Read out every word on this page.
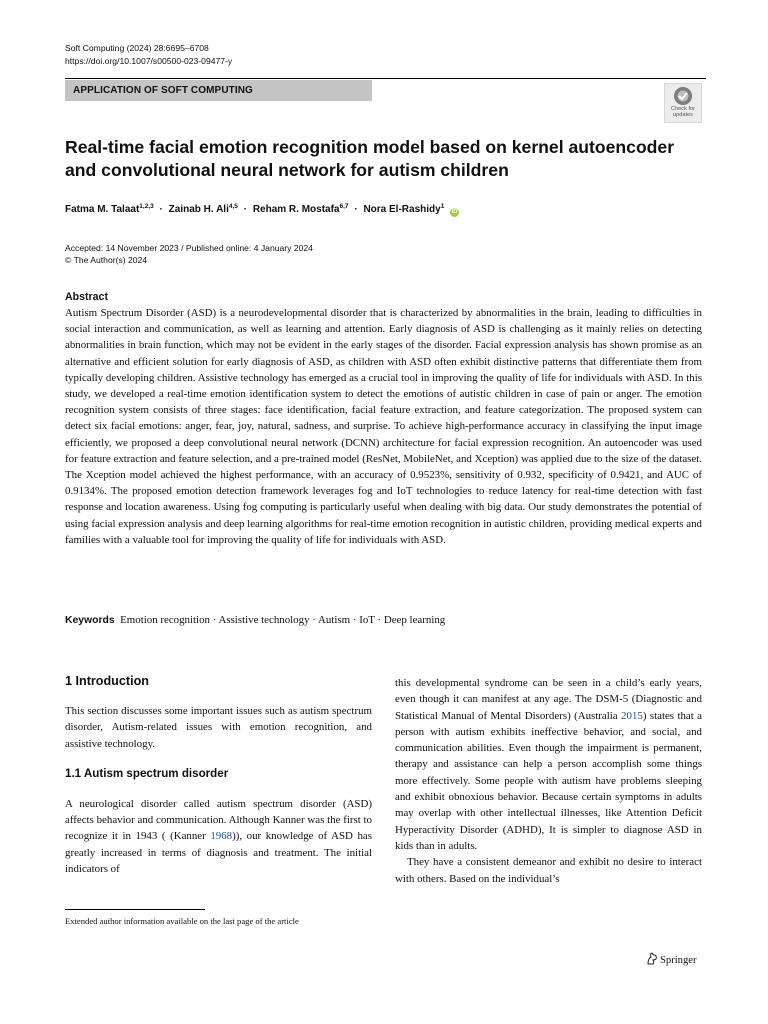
Soft Computing (2024) 28:6695–6708
https://doi.org/10.1007/s00500-023-09477-y
APPLICATION OF SOFT COMPUTING
Check for
updates
Real-time facial emotion recognition model based on kernel autoencoder and convolutional neural network for autism children
Fatma M. Talaat$^{1,2,3}$ · Zainab H. Ali$^{4,5}$ · Reham R. Mostafa$^{6,7}$ · Nora El-Rashidy$^1$ iD
Accepted: 14 November 2023 / Published online: 4 January 2024
© The Author(s) 2024
Abstract
Autism Spectrum Disorder (ASD) is a neurodevelopmental disorder that is characterized by abnormalities in the brain, leading to difficulties in social interaction and communication, as well as learning and attention. Early diagnosis of ASD is challenging as it mainly relies on detecting abnormalities in brain function, which may not be evident in the early stages of the disorder. Facial expression analysis has shown promise as an alternative and efficient solution for early diagnosis of ASD, as children with ASD often exhibit distinctive patterns that differentiate them from typically developing children. Assistive technology has emerged as a crucial tool in improving the quality of life for individuals with ASD. In this study, we developed a real-time emotion identification system to detect the emotions of autistic children in case of pain or anger. The emotion recognition system consists of three stages: face identification, facial feature extraction, and feature categorization. The proposed system can detect six facial emotions: anger, fear, joy, natural, sadness, and surprise. To achieve high-performance accuracy in classifying the input image efficiently, we proposed a deep convolutional neural network (DCNN) architecture for facial expression recognition. An autoencoder was used for feature extraction and feature selection, and a pre-trained model (ResNet, MobileNet, and Xception) was applied due to the size of the dataset. The Xception model achieved the highest performance, with an accuracy of 0.9523%, sensitivity of 0.932, specificity of 0.9421, and AUC of 0.9134%. The proposed emotion detection framework leverages fog and IoT technologies to reduce latency for real-time detection with fast response and location awareness. Using fog computing is particularly useful when dealing with big data. Our study demonstrates the potential of using facial expression analysis and deep learning algorithms for real-time emotion recognition in autistic children, providing medical experts and families with a valuable tool for improving the quality of life for individuals with ASD.
Keywords Emotion recognition · Assistive technology · Autism · IoT · Deep learning
1 Introduction

This section discusses some important issues such as autism spectrum disorder, Autism-related issues with emotion recognition, and assistive technology.

1.1 Autism spectrum disorder

A neurological disorder called autism spectrum disorder (ASD) affects behavior and communication. Although Kanner was the first to recognize it in 1943 ( (Kanner 1968)), our knowledge of ASD has greatly increased in terms of diagnosis and treatment. The initial indicators of

this developmental syndrome can be seen in a child’s early years, even though it can manifest at any age. The DSM-5 (Diagnostic and Statistical Manual of Mental Disorders) (Australia 2015) states that a person with autism exhibits ineffective behavior, and social, and communication abilities. Even though the impairment is permanent, therapy and assistance can help a person accomplish some things more effectively. Some people with autism have problems sleeping and exhibit obnoxious behavior. Because certain symptoms in adults may overlap with other intellectual illnesses, like Attention Deficit Hyperactivity Disorder (ADHD), It is simpler to diagnose ASD in kids than in adults.

They have a consistent demeanor and exhibit no desire to interact with others. Based on the individual’s

Extended author information available on the last page of the article
Springer
